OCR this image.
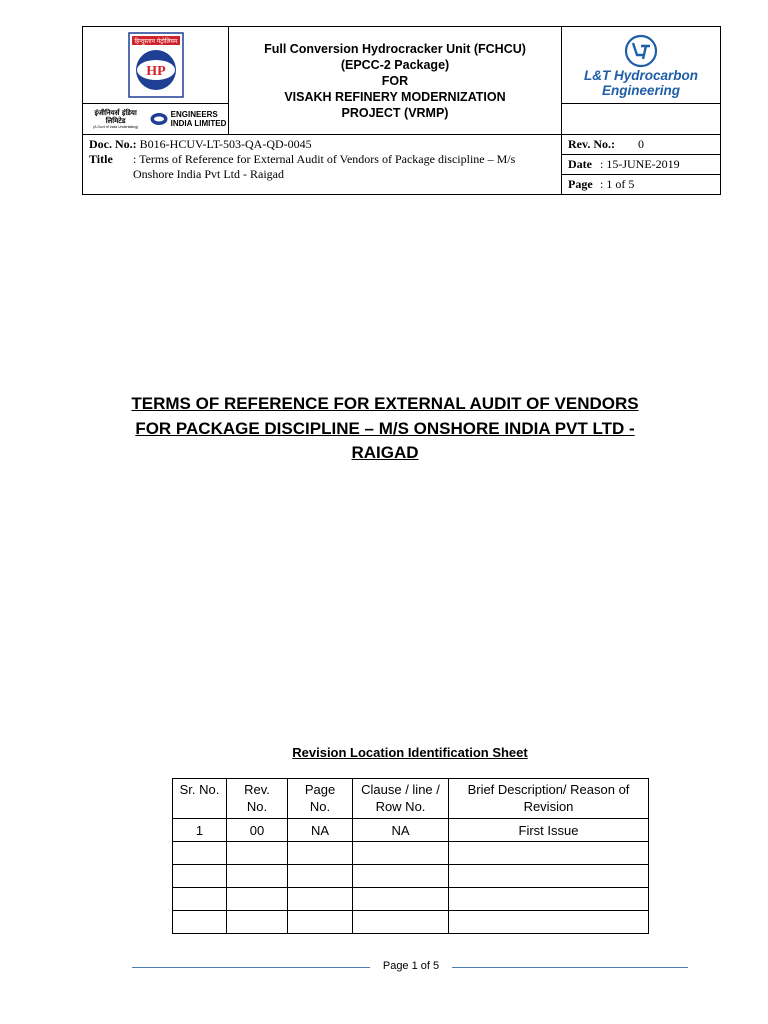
हिन्दुस्तान पेट्रोलियम
HP

Full Conversion Hydrocracker Unit (FCHCU)
(EPCC-2 Package)
FOR
VISAKH REFINERY MODERNIZATION
PROJECT (VRMP)

L&T Hydrocarbon
Engineering

इंजीनियर्स इंडिया लिमिटेड
(A Govt of India Undertaking)
ENGINEERS
INDIA LIMITED

Doc. No.: B016-HCUV-LT-503-QA-QD-0045
Title : Terms of Reference for External Audit of Vendors of Package discipline – M/s Onshore India Pvt Ltd - Raigad

Rev. No.: 0
Date : 15-JUNE-2019
Page : 1 of 5
TERMS OF REFERENCE FOR EXTERNAL AUDIT OF VENDORS FOR PACKAGE DISCIPLINE – M/S ONSHORE INDIA PVT LTD - RAIGAD
Revision Location Identification Sheet
Sr. No.	Rev. No.	Page No.	Clause / line / Row No.	Brief Description/ Reason of Revision
1	00	NA	NA	First Issue

Page 1 of 5
